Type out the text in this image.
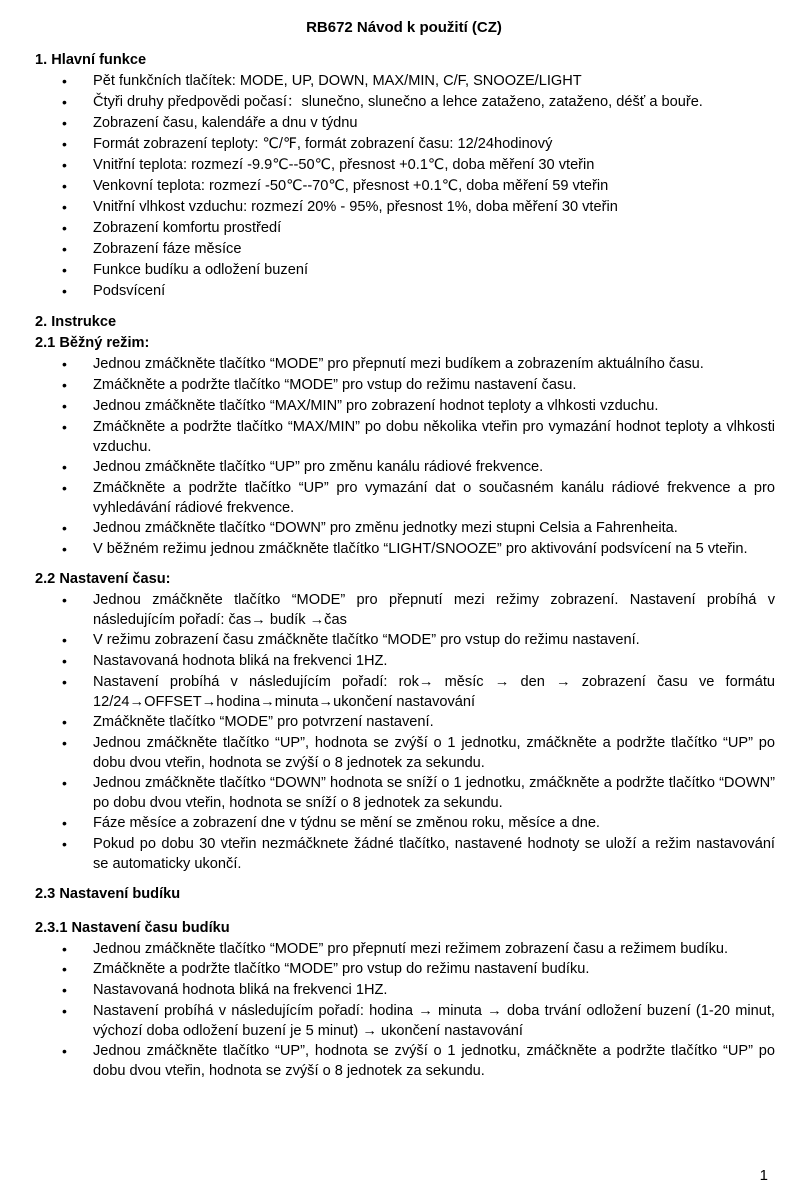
RB672 Návod k použití (CZ)

1. Hlavní funkce

• Pět funkčních tlačítek: MODE, UP, DOWN, MAX/MIN, C/F, SNOOZE/LIGHT
• Čtyři druhy předpovědi počasí：slunečno, slunečno a lehce zataženo, zataženo, déšť a bouře.
• Zobrazení času, kalendáře a dnu v týdnu
• Formát zobrazení teploty: ℃/℉, formát zobrazení času: 12/24hodinový
• Vnitřní teplota: rozmezí -9.9℃--50℃, přesnost +0.1℃, doba měření 30 vteřin
• Venkovní teplota: rozmezí -50℃--70℃, přesnost +0.1℃, doba měření 59 vteřin
• Vnitřní vlhkost vzduchu: rozmezí 20% - 95%, přesnost 1%, doba měření 30 vteřin
• Zobrazení komfortu prostředí
• Zobrazení fáze měsíce
• Funkce budíku a odložení buzení
• Podsvícení

2. Instrukce

2.1 Běžný režim:

• Jednou zmáčkněte tlačítko “MODE” pro přepnutí mezi budíkem a zobrazením aktuálního času.
• Zmáčkněte a podržte tlačítko “MODE” pro vstup do režimu nastavení času.
• Jednou zmáčkněte tlačítko “MAX/MIN” pro zobrazení hodnot teploty a vlhkosti vzduchu.
• Zmáčkněte a podržte tlačítko “MAX/MIN” po dobu několika vteřin pro vymazání hodnot teploty a vlhkosti vzduchu.
• Jednou zmáčkněte tlačítko “UP” pro změnu kanálu rádiové frekvence.
• Zmáčkněte a podržte tlačítko “UP” pro vymazání dat o současném kanálu rádiové frekvence a pro vyhledávání rádiové frekvence.
• Jednou zmáčkněte tlačítko “DOWN” pro změnu jednotky mezi stupni Celsia a Fahrenheita.
• V běžném režimu jednou zmáčkněte tlačítko “LIGHT/SNOOZE” pro aktivování podsvícení na 5 vteřin.

2.2 Nastavení času:

• Jednou zmáčkněte tlačítko “MODE” pro přepnutí mezi režimy zobrazení. Nastavení probíhá v následujícím pořadí: čas→ budík →čas
• V režimu zobrazení času zmáčkněte tlačítko “MODE” pro vstup do režimu nastavení.
• Nastavovaná hodnota bliká na frekvenci 1HZ.
• Nastavení probíhá v následujícím pořadí: rok→ měsíc → den → zobrazení času ve formátu 12/24→OFFSET→hodina→minuta→ukončení nastavování
• Zmáčkněte tlačítko “MODE” pro potvrzení nastavení.
• Jednou zmáčkněte tlačítko “UP”, hodnota se zvýší o 1 jednotku, zmáčkněte a podržte tlačítko “UP” po dobu dvou vteřin, hodnota se zvýší o 8 jednotek za sekundu.
• Jednou zmáčkněte tlačítko “DOWN” hodnota se sníží o 1 jednotku, zmáčkněte a podržte tlačítko “DOWN” po dobu dvou vteřin, hodnota se sníží o 8 jednotek za sekundu.
• Fáze měsíce a zobrazení dne v týdnu se mění se změnou roku, měsíce a dne.
• Pokud po dobu 30 vteřin nezmáčknete žádné tlačítko, nastavené hodnoty se uloží a režim nastavování se automaticky ukončí.

2.3 Nastavení budíku

2.3.1 Nastavení času budíku

• Jednou zmáčkněte tlačítko “MODE” pro přepnutí mezi režimem zobrazení času a režimem budíku.
• Zmáčkněte a podržte tlačítko “MODE” pro vstup do režimu nastavení budíku.
• Nastavovaná hodnota bliká na frekvenci 1HZ.
• Nastavení probíhá v následujícím pořadí: hodina → minuta → doba trvání odložení buzení (1-20 minut, výchozí doba odložení buzení je 5 minut) → ukončení nastavování
• Jednou zmáčkněte tlačítko “UP”, hodnota se zvýší o 1 jednotku, zmáčkněte a podržte tlačítko “UP” po dobu dvou vteřin, hodnota se zvýší o 8 jednotek za sekundu.
1
